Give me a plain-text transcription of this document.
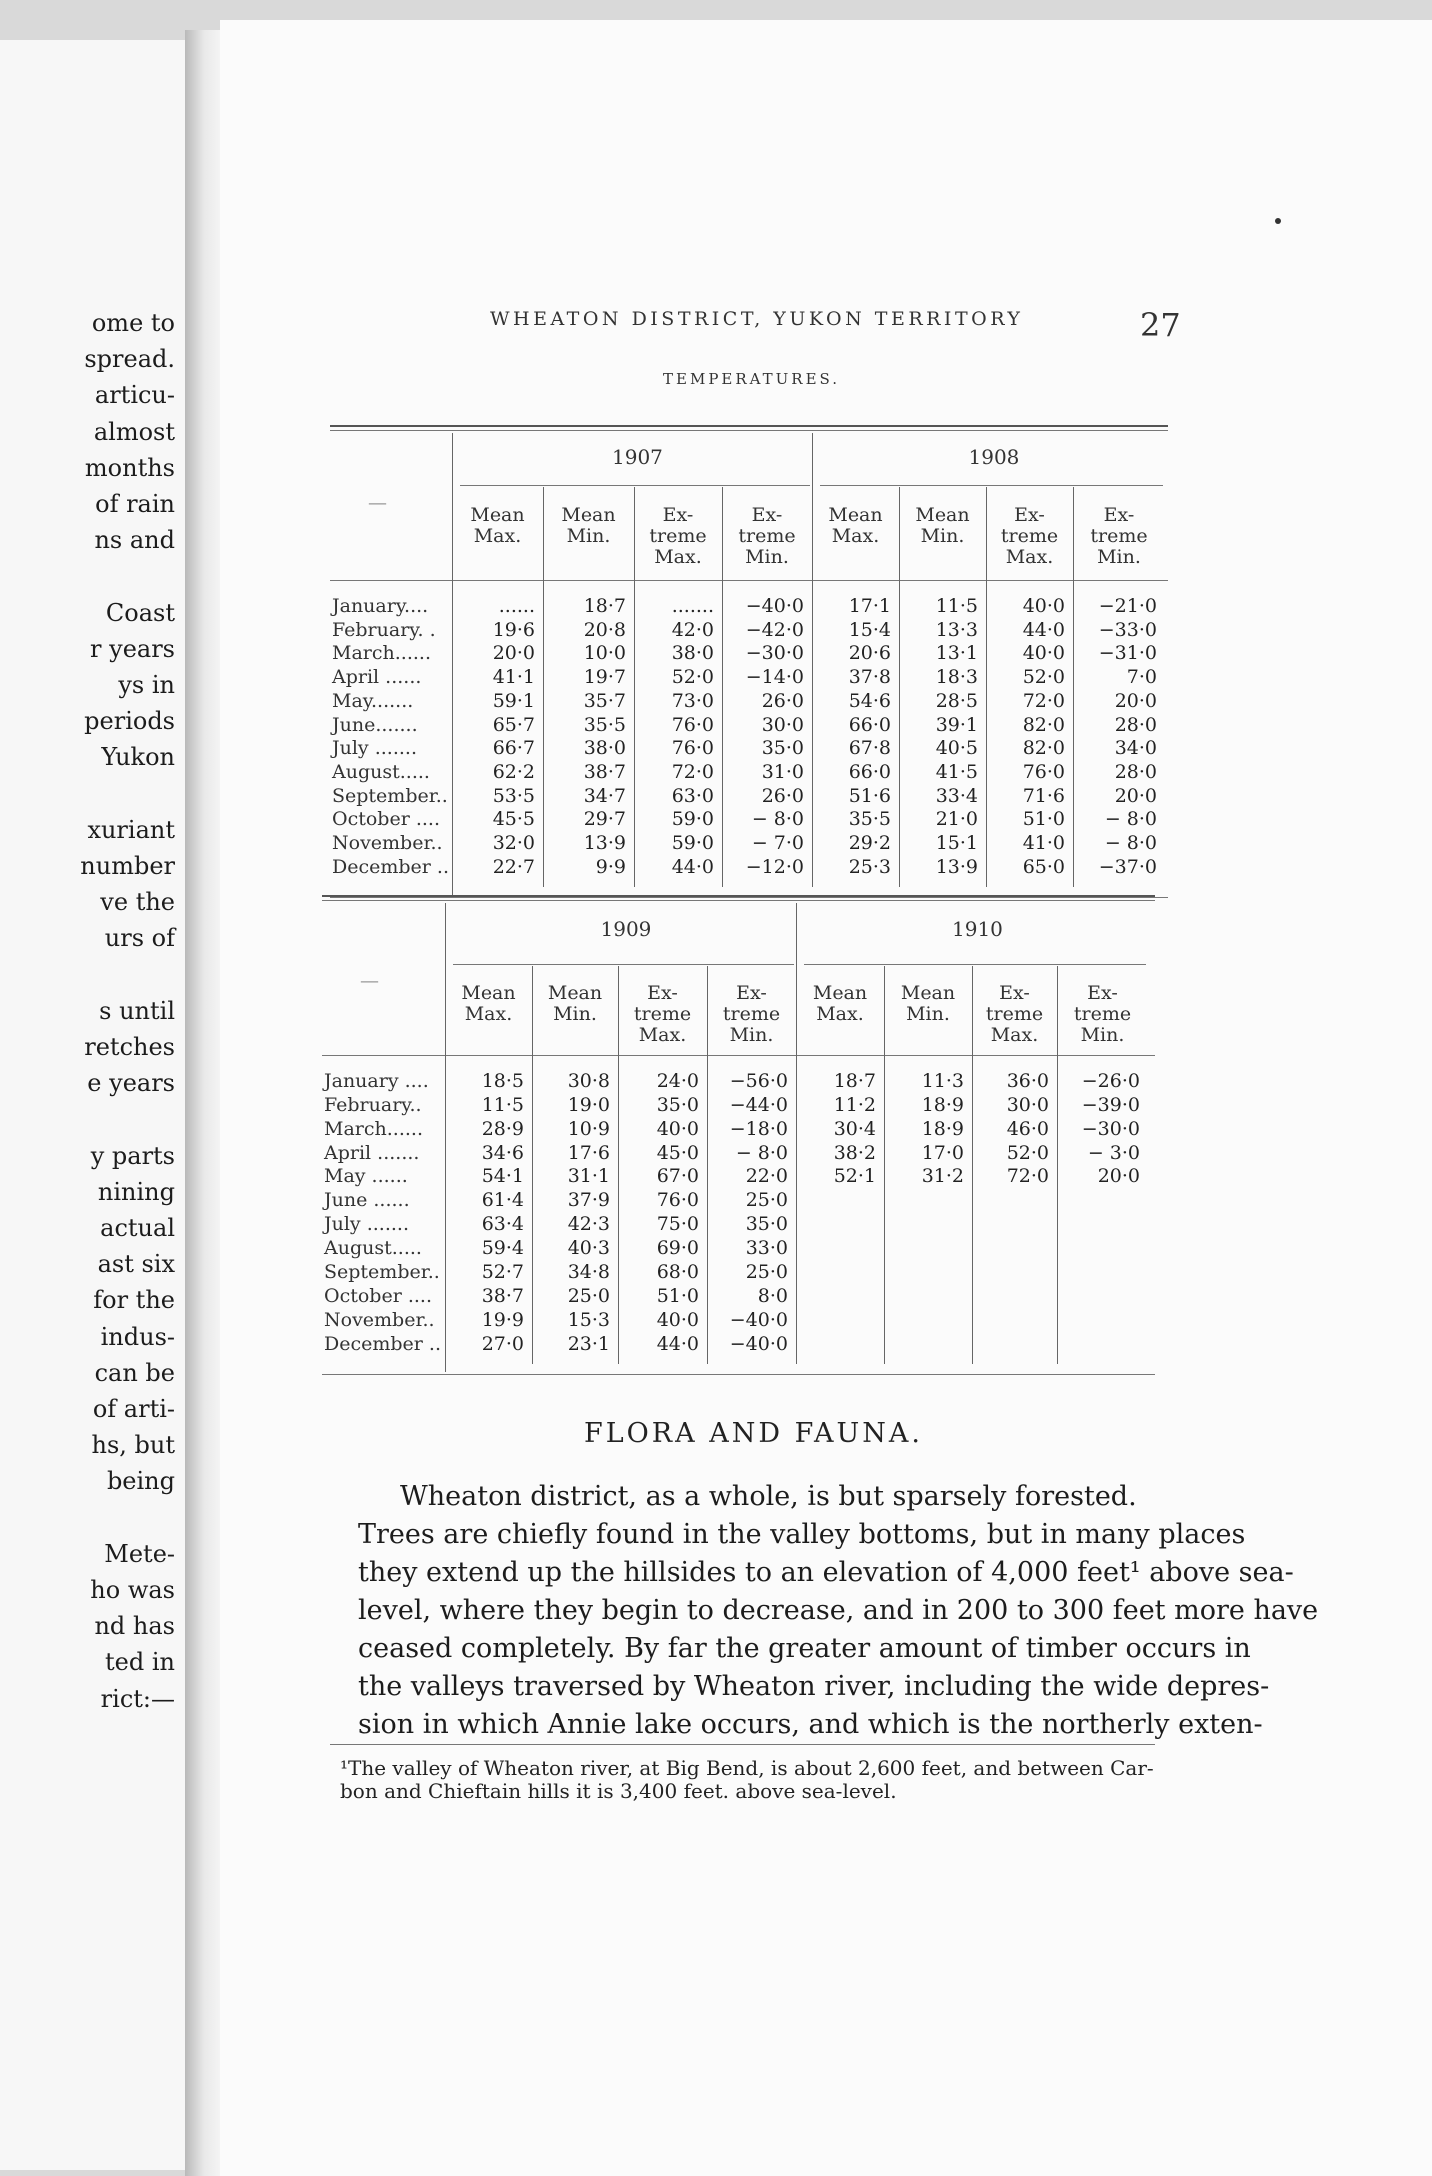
ome to
spread.
articu-
almost
months
of rain
ns and
Coast
r years
ys in
periods
Yukon
xuriant
number
ve the
urs of
s until
retches
e years
y parts
nining
actual
ast six
for the
indus-
can be
of arti-
hs, but
being
Mete-
ho was
nd has
ted in
rict:—
WHEATON DISTRICT, YUKON TERRITORY	27
TEMPERATURES.
—
January....
February. .
March......
April ......
May.......
June.......
July .......
August.....
September..
October ....
November..
December ..
1907
Mean
Max.
......
19·6
20·0
41·1
59·1
65·7
66·7
62·2
53·5
45·5
32·0
22·7
Mean
Min.
18·7
20·8
10·0
19·7
35·7
35·5
38·0
38·7
34·7
29·7
13·9
9·9
Ex-
treme
Max.
.......
42·0
38·0
52·0
73·0
76·0
76·0
72·0
63·0
59·0
59·0
44·0
Ex-
treme
Min.
−40·0
−42·0
−30·0
−14·0
26·0
30·0
35·0
31·0
26·0
− 8·0
− 7·0
−12·0
1908
Mean
Max.
17·1
15·4
20·6
37·8
54·6
66·0
67·8
66·0
51·6
35·5
29·2
25·3
Mean
Min.
11·5
13·3
13·1
18·3
28·5
39·1
40·5
41·5
33·4
21·0
15·1
13·9
Ex-
treme
Max.
40·0
44·0
40·0
52·0
72·0
82·0
82·0
76·0
71·6
51·0
41·0
65·0
Ex-
treme
Min.
−21·0
−33·0
−31·0
7·0
20·0
28·0
34·0
28·0
20·0
− 8·0
− 8·0
−37·0
—
January ....
February..
March......
April .......
May ......
June ......
July .......
August.....
September..
October ....
November..
December ..
1909
Mean
Max.
18·5
11·5
28·9
34·6
54·1
61·4
63·4
59·4
52·7
38·7
19·9
27·0
Mean
Min.
30·8
19·0
10·9
17·6
31·1
37·9
42·3
40·3
34·8
25·0
15·3
23·1
Ex-
treme
Max.
24·0
35·0
40·0
45·0
67·0
76·0
75·0
69·0
68·0
51·0
40·0
44·0
Ex-
treme
Min.
−56·0
−44·0
−18·0
− 8·0
22·0
25·0
35·0
33·0
25·0
8·0
−40·0
−40·0
1910
Mean
Max.
18·7
11·2
30·4
38·2
52·1
Mean
Min.
11·3
18·9
18·9
17·0
31·2
Ex-
treme
Max.
36·0
30·0
46·0
52·0
72·0
Ex-
treme
Min.
−26·0
−39·0
−30·0
− 3·0
20·0
FLORA AND FAUNA.
Wheaton district, as a whole, is but sparsely forested.
Trees are chiefly found in the valley bottoms, but in many places
they extend up the hillsides to an elevation of 4,000 feet¹ above sea-
level, where they begin to decrease, and in 200 to 300 feet more have
ceased completely. By far the greater amount of timber occurs in
the valleys traversed by Wheaton river, including the wide depres-
sion in which Annie lake occurs, and which is the northerly exten-
¹The valley of Wheaton river, at Big Bend, is about 2,600 feet, and between Car-
bon and Chieftain hills it is 3,400 feet. above sea-level.
